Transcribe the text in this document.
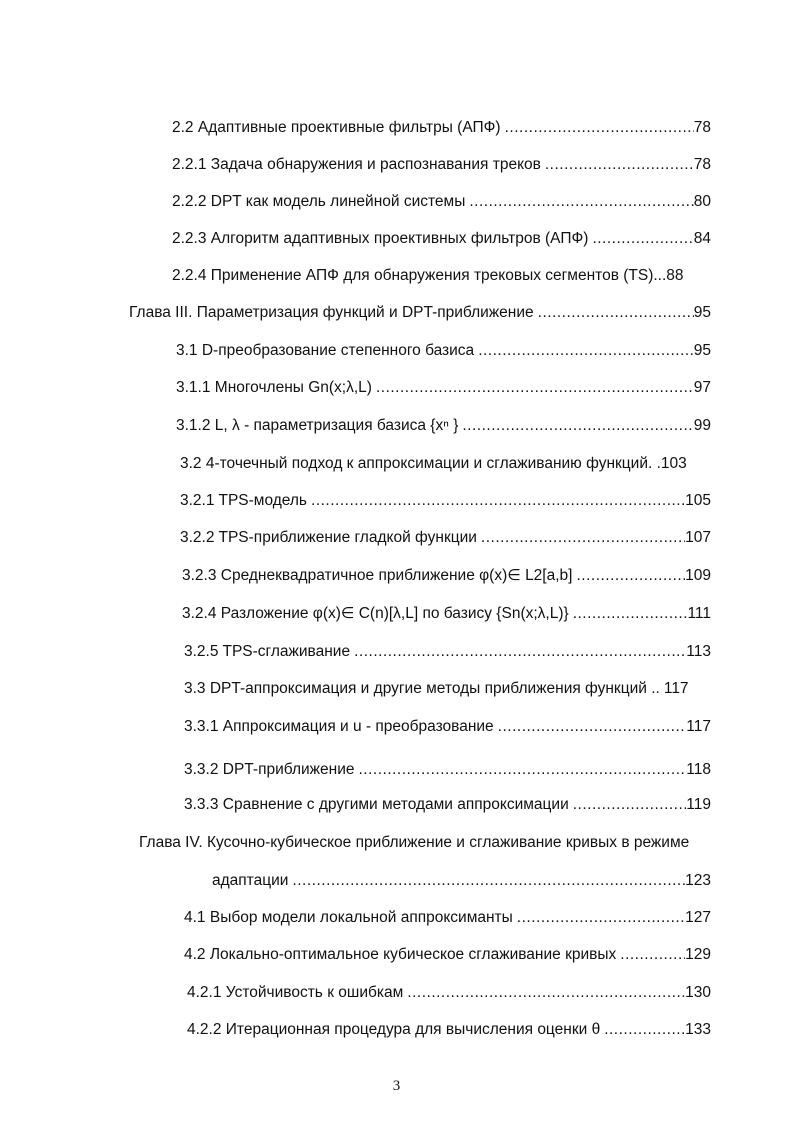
2.2 Адаптивные проективные фильтры (АПФ) .....	78
2.2.1 Задача обнаружения и распознавания треков .....	78
2.2.2 DPT как модель линейной системы .....	80
2.2.3 Алгоритм адаптивных проективных фильтров (АПФ) .....	84
2.2.4 Применение АПФ для обнаружения трековых сегментов (TS).. .88
Глава III. Параметризация функций и DPT-приближение .....	95
3.1 D-преобразование степенного базиса .....	95
3.1.1 Многочлены Gn(x;λ,L) .....	97
3.1.2 L, λ - параметризация базиса {xⁿ } .....	99
3.2 4-точечный подход к аппроксимации и сглаживанию функций. . 103
3.2.1 TPS-модель .....	105
3.2.2 TPS-приближение гладкой функции .....	107
3.2.3 Среднеквадратичное приближение φ(x)∈ L2[a,b] .....	109
3.2.4 Разложение φ(x)∈ C(n)[λ,L] по базису {Sn(x;λ,L)} .....	111
3.2.5 TPS-сглаживание .....	113
3.3 DPT-аппроксимация и другие методы приближения функций .. 117
3.3.1 Аппроксимация и u - преобразование .....	117
3.3.2 DPT-приближение .....	118
3.3.3 Сравнение с другими методами аппроксимации .....	119
Глава IV. Кусочно-кубическое приближение и сглаживание кривых в режиме
адаптации .....	123
4.1 Выбор модели локальной аппроксиманты .....	127
4.2 Локально-оптимальное кубическое сглаживание кривых .....	129
4.2.1 Устойчивость к ошибкам .....	130
4.2.2 Итерационная процедура для вычисления оценки θ .....	133
3
